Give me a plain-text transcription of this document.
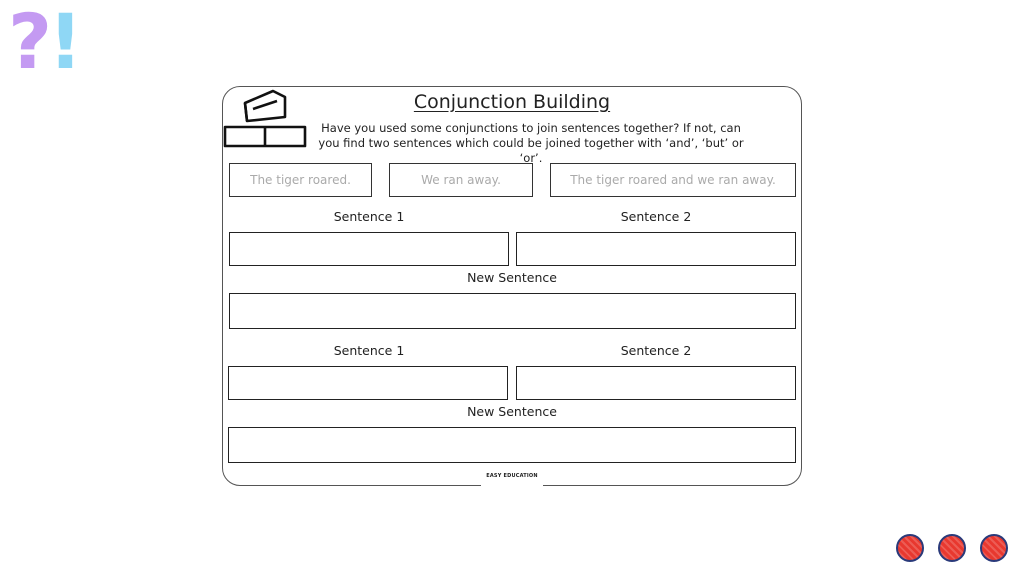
?!
Conjunction Building
Have you used some conjunctions to join sentences together? If not, can you find two sentences which could be joined together with ‘and’, ‘but’ or ‘or’.
The tiger roared.	We ran away.	The tiger roared and we ran away.
Sentence 1	Sentence 2
New Sentence
Sentence 1	Sentence 2
New Sentence
EASY EDUCATION
